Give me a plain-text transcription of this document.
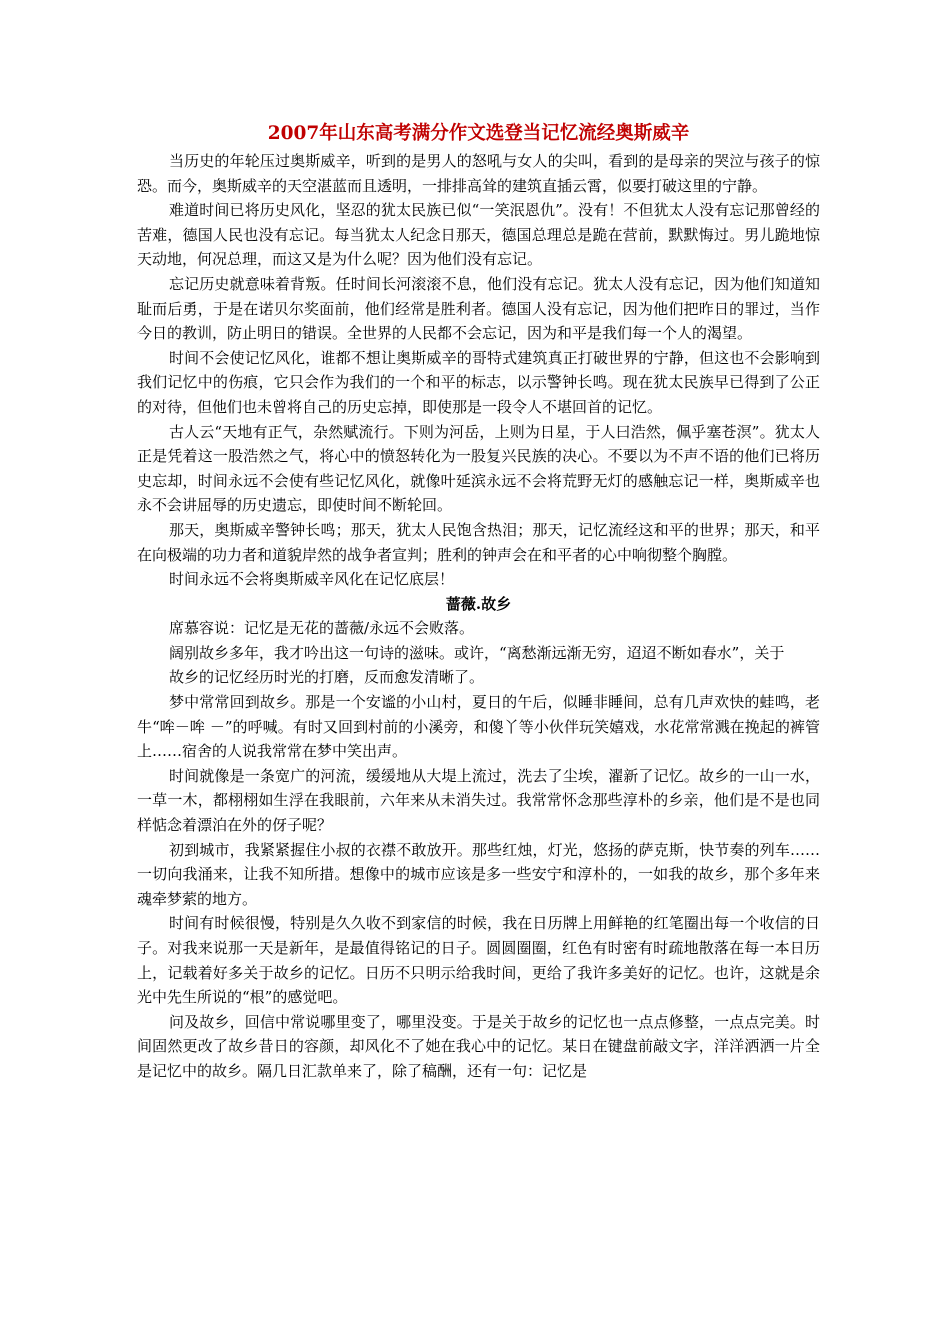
2007年山东高考满分作文选登当记忆流经奥斯威辛

当历史的年轮压过奥斯威辛，听到的是男人的怒吼与女人的尖叫，看到的是母亲的哭泣与孩子的惊恐。而今，奥斯威辛的天空湛蓝而且透明，一排排高耸的建筑直插云霄，似要打破这里的宁静。

难道时间已将历史风化，坚忍的犹太民族已似“一笑泯恩仇”。没有！不但犹太人没有忘记那曾经的苦难，德国人民也没有忘记。每当犹太人纪念日那天，德国总理总是跪在营前，默默悔过。男儿跪地惊天动地，何况总理，而这又是为什么呢？因为他们没有忘记。

忘记历史就意味着背叛。任时间长河滚滚不息，他们没有忘记。犹太人没有忘记，因为他们知道知耻而后勇，于是在诺贝尔奖面前，他们经常是胜利者。德国人没有忘记，因为他们把昨日的罪过，当作今日的教训，防止明日的错误。全世界的人民都不会忘记，因为和平是我们每一个人的渴望。

时间不会使记忆风化，谁都不想让奥斯威辛的哥特式建筑真正打破世界的宁静，但这也不会影响到我们记忆中的伤痕，它只会作为我们的一个和平的标志，以示警钟长鸣。现在犹太民族早已得到了公正的对待，但他们也未曾将自己的历史忘掉，即使那是一段令人不堪回首的记忆。

古人云“天地有正气，杂然赋流行。下则为河岳，上则为日星，于人曰浩然，佩乎塞苍溟”。犹太人正是凭着这一股浩然之气，将心中的愤怒转化为一股复兴民族的决心。不要以为不声不语的他们已将历史忘却，时间永远不会使有些记忆风化，就像叶延滨永远不会将荒野无灯的感触忘记一样，奥斯威辛也永不会讲屈辱的历史遗忘，即使时间不断轮回。

那天，奥斯威辛警钟长鸣；那天，犹太人民饱含热泪；那天，记忆流经这和平的世界；那天，和平在向极端的功力者和道貌岸然的战争者宣判；胜利的钟声会在和平者的心中响彻整个胸膛。

时间永远不会将奥斯威辛风化在记忆底层！

蔷薇.故乡

席慕容说：记忆是无花的蔷薇/永远不会败落。

阔别故乡多年，我才吟出这一句诗的滋味。或许，“离愁渐远渐无穷，迢迢不断如春水”，关于

故乡的记忆经历时光的打磨，反而愈发清晰了。

梦中常常回到故乡。那是一个安谧的小山村，夏日的午后，似睡非睡间，总有几声欢快的蛙鸣，老牛“哞－哞 －”的呼喊。有时又回到村前的小溪旁，和傻丫等小伙伴玩笑嬉戏，水花常常溅在挽起的裤管上……宿舍的人说我常常在梦中笑出声。

时间就像是一条宽广的河流，缓缓地从大堤上流过，洗去了尘埃，濯新了记忆。故乡的一山一水，一草一木，都栩栩如生浮在我眼前，六年来从未消失过。我常常怀念那些淳朴的乡亲，他们是不是也同样惦念着漂泊在外的伢子呢？

初到城市，我紧紧握住小叔的衣襟不敢放开。那些红烛，灯光，悠扬的萨克斯，快节奏的列车……一切向我涌来，让我不知所措。想像中的城市应该是多一些安宁和淳朴的，一如我的故乡，那个多年来魂牵梦萦的地方。

时间有时候很慢，特别是久久收不到家信的时候，我在日历牌上用鲜艳的红笔圈出每一个收信的日子。对我来说那一天是新年，是最值得铭记的日子。圆圆圈圈，红色有时密有时疏地散落在每一本日历上，记载着好多关于故乡的记忆。日历不只明示给我时间，更给了我许多美好的记忆。也许，这就是余光中先生所说的“根”的感觉吧。

问及故乡，回信中常说哪里变了，哪里没变。于是关于故乡的记忆也一点点修整，一点点完美。时间固然更改了故乡昔日的容颜，却风化不了她在我心中的记忆。某日在键盘前敲文字，洋洋洒洒一片全是记忆中的故乡。隔几日汇款单来了，除了稿酬，还有一句：记忆是
